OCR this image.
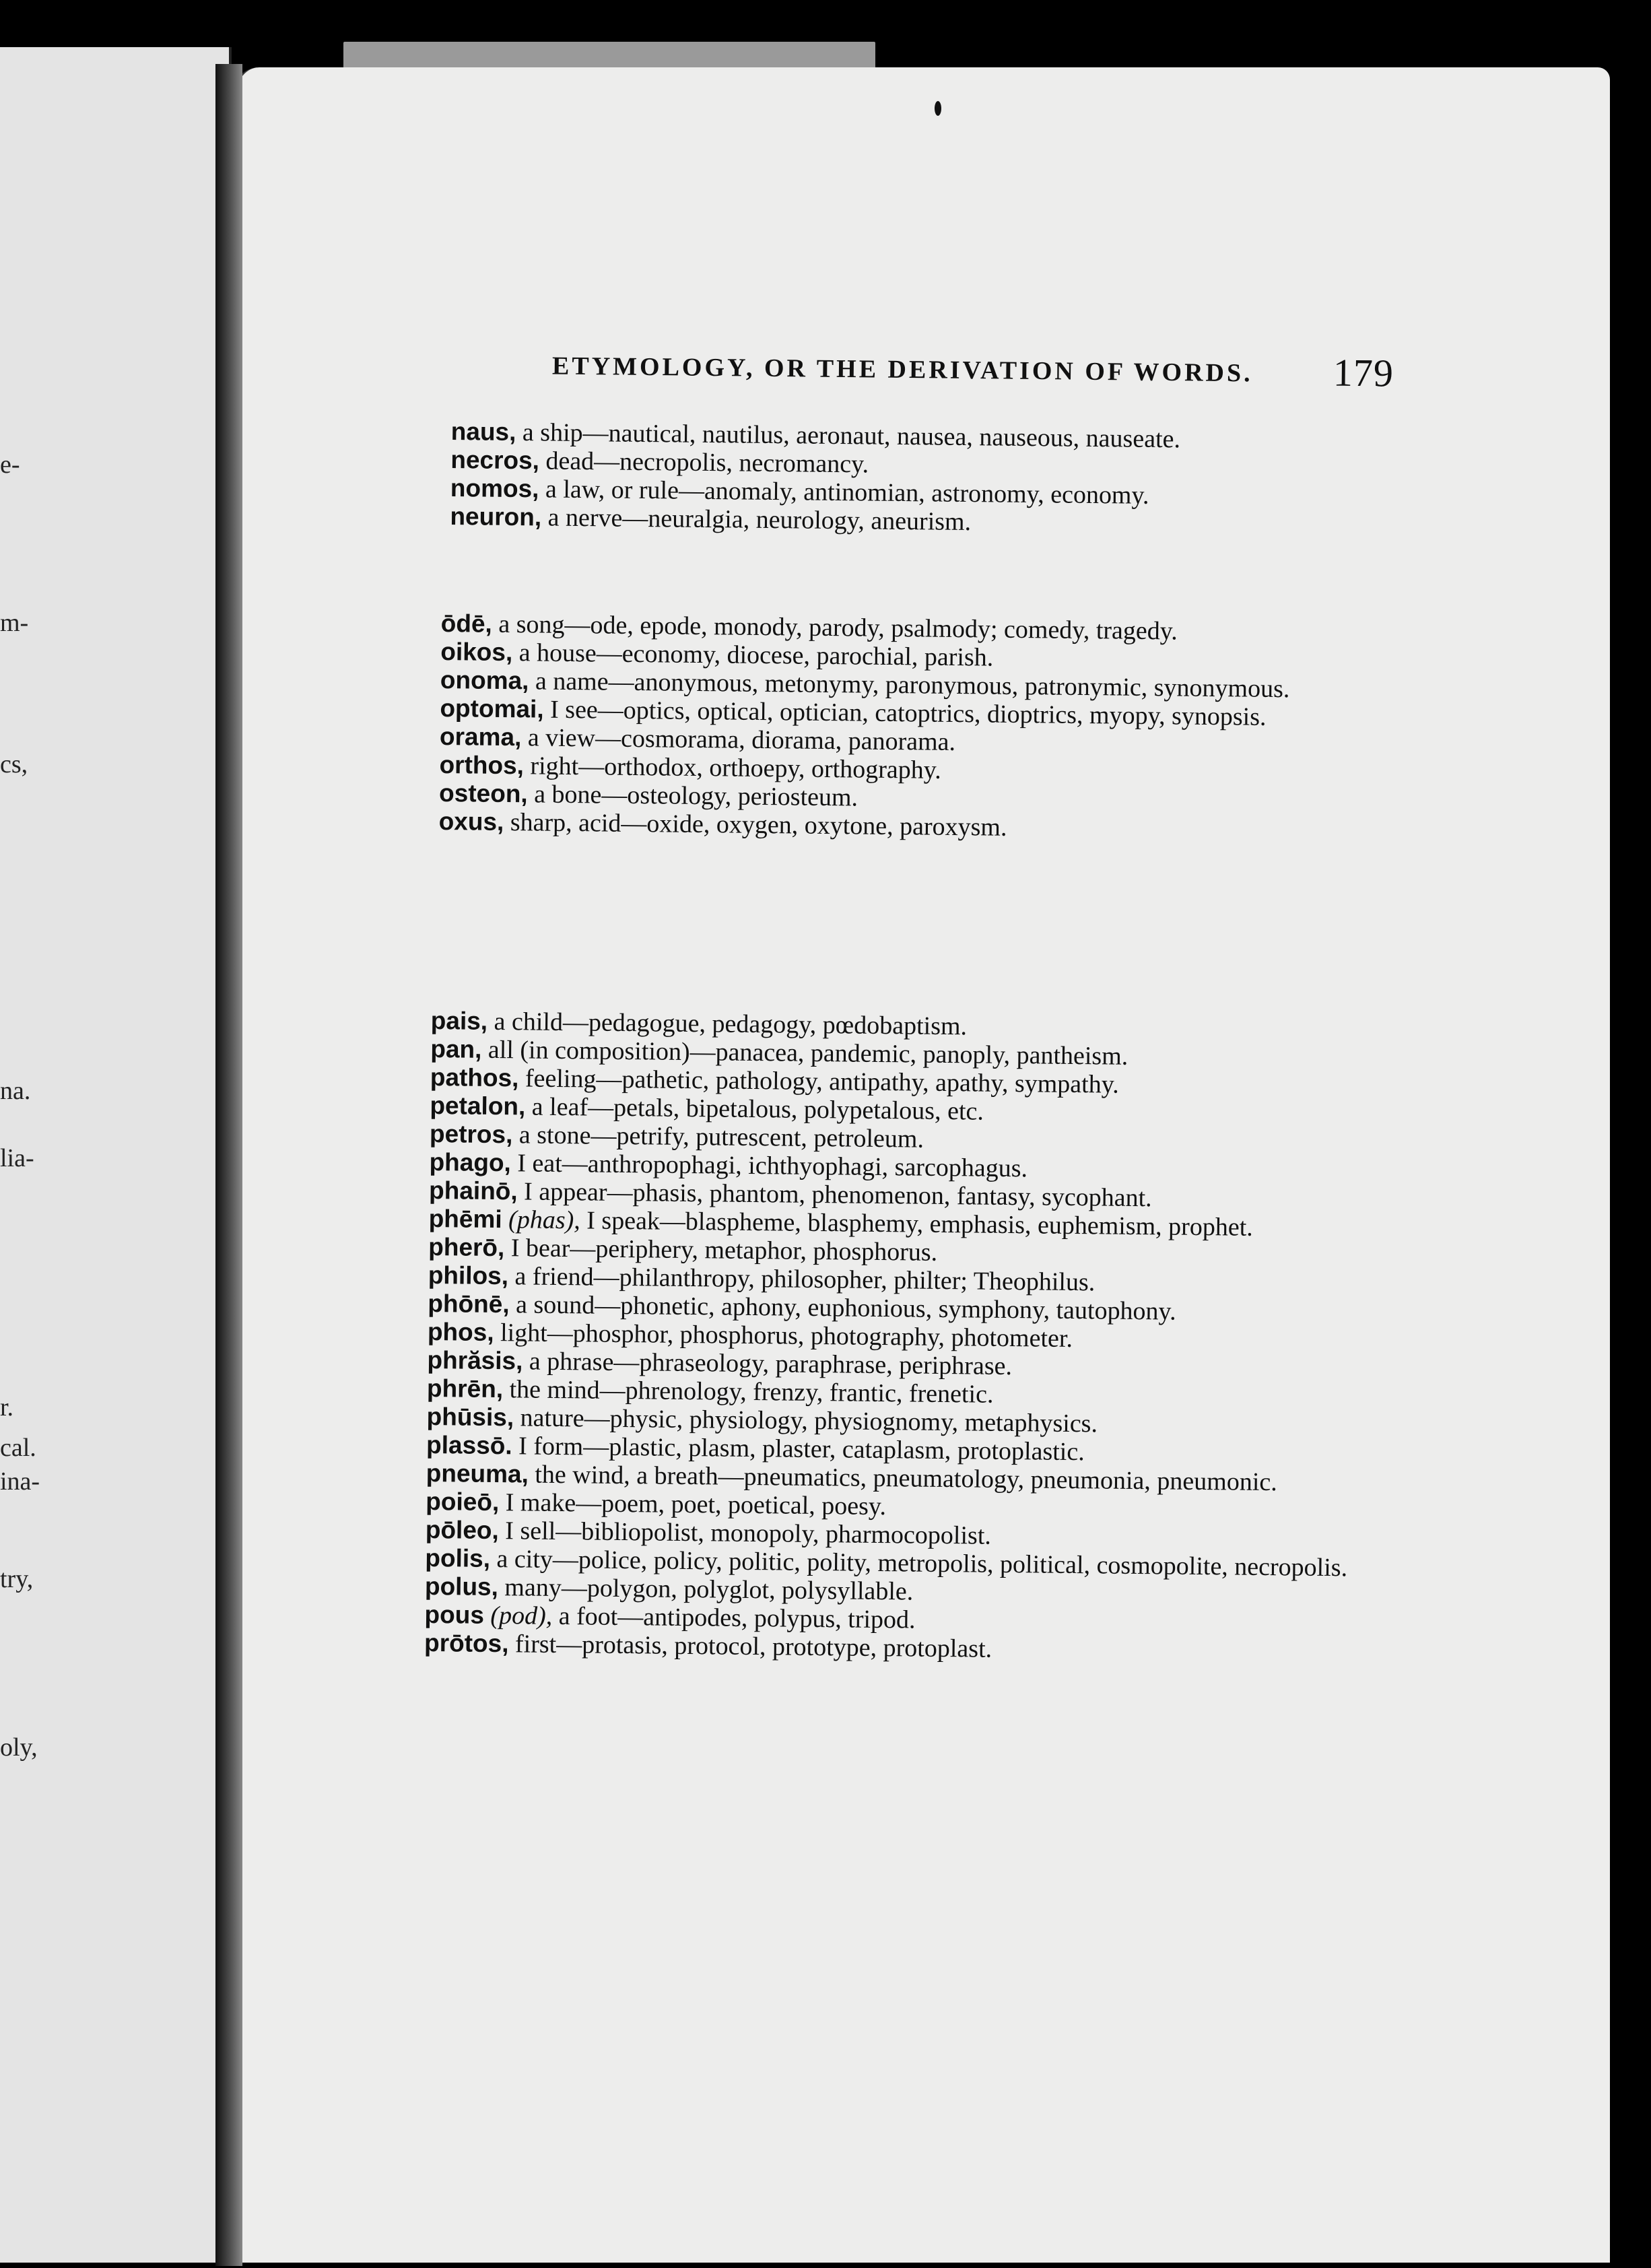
e-
m-
cs,
na.
lia-
r.
cal.
ina-
try,
oly,
ETYMOLOGY, OR THE DERIVATION OF WORDS. 179

naus, a ship—nautical, nautilus, aeronaut, nausea, nauseous, nauseate.

necros, dead—necropolis, necromancy.

nomos, a law, or rule—anomaly, antinomian, astronomy, economy.

neuron, a nerve—neuralgia, neurology, aneurism.

ōdē, a song—ode, epode, monody, parody, psalmody; comedy, tragedy.

oikos, a house—economy, diocese, parochial, parish.

onoma, a name—anonymous, metonymy, paronymous, patronymic, synonymous.

optomai, I see—optics, optical, optician, catoptrics, dioptrics, myopy, synopsis.

orama, a view—cosmorama, diorama, panorama.

orthos, right—orthodox, orthoepy, orthography.

osteon, a bone—osteology, periosteum.

oxus, sharp, acid—oxide, oxygen, oxytone, paroxysm.

pais, a child—pedagogue, pedagogy, pœdobaptism.

pan, all (in composition)—panacea, pandemic, panoply, pantheism.

pathos, feeling—pathetic, pathology, antipathy, apathy, sympathy.

petalon, a leaf—petals, bipetalous, polypetalous, etc.

petros, a stone—petrify, putrescent, petroleum.

phago, I eat—anthropophagi, ichthyophagi, sarcophagus.

phainō, I appear—phasis, phantom, phenomenon, fantasy, sycophant.

phēmi (phas), I speak—blaspheme, blasphemy, emphasis, euphemism, prophet.

pherō, I bear—periphery, metaphor, phosphorus.

philos, a friend—philanthropy, philosopher, philter; Theophilus.

phōnē, a sound—phonetic, aphony, euphonious, symphony, tautophony.

phos, light—phosphor, phosphorus, photography, photometer.

phrăsis, a phrase—phraseology, paraphrase, periphrase.

phrēn, the mind—phrenology, frenzy, frantic, frenetic.

phūsis, nature—physic, physiology, physiognomy, metaphysics.

plassō. I form—plastic, plasm, plaster, cataplasm, protoplastic.

pneuma, the wind, a breath—pneumatics, pneumatology, pneumonia, pneumonic.

poieō, I make—poem, poet, poetical, poesy.

pōleo, I sell—bibliopolist, monopoly, pharmocopolist.

polis, a city—police, policy, politic, polity, metropolis, political, cosmopolite, necropolis.

polus, many—polygon, polyglot, polysyllable.

pous (pod), a foot—antipodes, polypus, tripod.

prōtos, first—protasis, protocol, prototype, protoplast.
